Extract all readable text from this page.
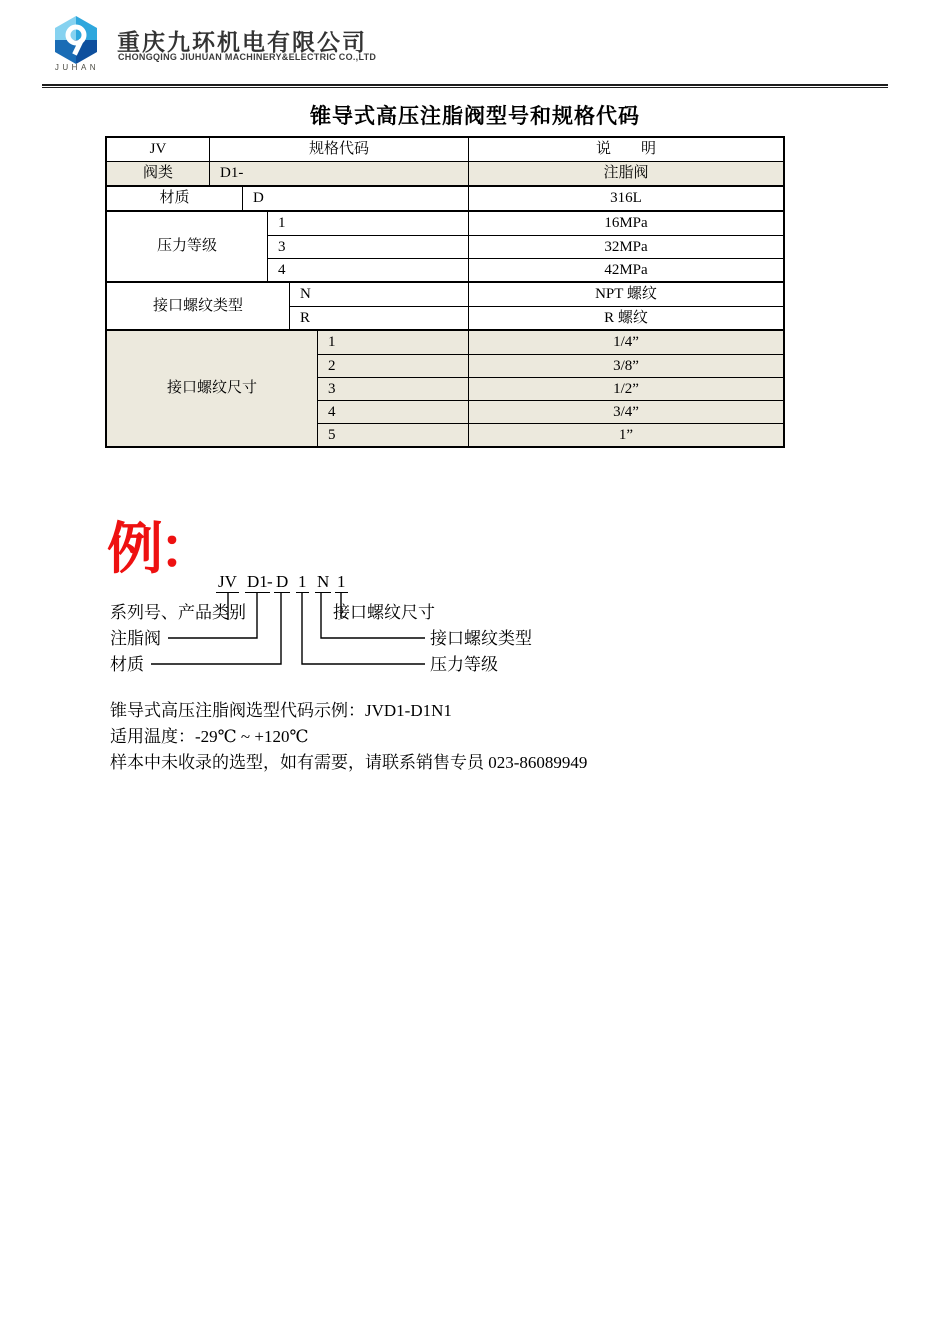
JUHAN
重庆九环机电有限公司
CHONGQING JIUHUAN MACHINERY&ELECTRIC CO.,LTD
锥导式高压注脂阀型号和规格代码
JV	规格代码	说　　明
阀类	D1-	注脂阀
材质	D	316L
压力等级
1	16MPa
3	32MPa
4	42MPa
接口螺纹类型
N	NPT 螺纹
R	R 螺纹
接口螺纹尺寸
1	1/4”
2	3/8”
3	1/2”
4	3/4”
5	1”
例：
JV D1 - D 1 N 1
系列号、产品类别
注脂阀
材质
接口螺纹尺寸
接口螺纹类型
压力等级
锥导式高压注脂阀选型代码示例：JVD1-D1N1
适用温度：-29℃ ~ +120℃
样本中未收录的选型，如有需要，请联系销售专员 023-86089949
